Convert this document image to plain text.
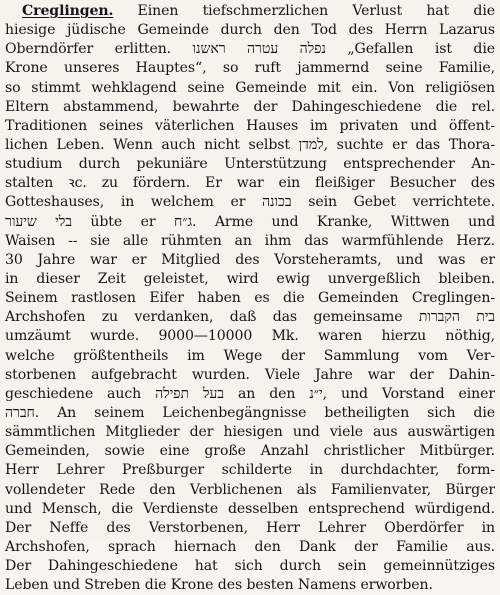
Creglingen. Einen tiefschmerzlichen Verlust hat die
hiesige jüdische Gemeinde durch den Tod des Herrn Lazarus
Oberndörfer erlitten. נפלה עטרה ראשנו „Gefallen ist die
Krone unseres Hauptes“, so ruft jammernd seine Familie,
so stimmt wehklagend seine Gemeinde mit ein. Von religiösen
Eltern abstammend, bewahrte der Dahingeschiedene die rel.
Traditionen seines väterlichen Hauses im privaten und öffent-
lichen Leben. Wenn auch nicht selbst למדן, suchte er das Thora-
studium durch pekuniäre Unterstützung entsprechender An-
stalten ꝛc. zu fördern. Er war ein fleißiger Besucher des
Gotteshauses, in welchem er בכונה sein Gebet verrichtete.
בלי שיעור übte er ג״ח. Arme und Kranke, Wittwen und
Waisen -- sie alle rühmten an ihm das warmfühlende Herz.
30 Jahre war er Mitglied des Vorsteheramts, und was er
in dieser Zeit geleistet, wird ewig unvergeßlich bleiben.
Seinem rastlosen Eifer haben es die Gemeinden Creglingen-
Archshofen zu verdanken, daß das gemeinsame בית הקברות
umzäumt wurde. 9000—10000 Mk. waren hierzu nöthig,
welche größtentheils im Wege der Sammlung vom Ver-
storbenen aufgebracht wurden. Viele Jahre war der Dahin-
geschiedene auch בעל תפילה an den י״נ, und Vorstand einer
חברה. An seinem Leichenbegängnisse betheiligten sich die
sämmtlichen Mitglieder der hiesigen und viele aus auswärtigen
Gemeinden, sowie eine große Anzahl christlicher Mitbürger.
Herr Lehrer Preßburger schilderte in durchdachter, form-
vollendeter Rede den Verblichenen als Familienvater, Bürger
und Mensch, die Verdienste desselben entsprechend würdigend.
Der Neffe des Verstorbenen, Herr Lehrer Oberdörfer in
Archshofen, sprach hiernach den Dank der Familie aus.
Der Dahingeschiedene hat sich durch sein gemeinnütziges
Leben und Streben die Krone des besten Namens erworben.
